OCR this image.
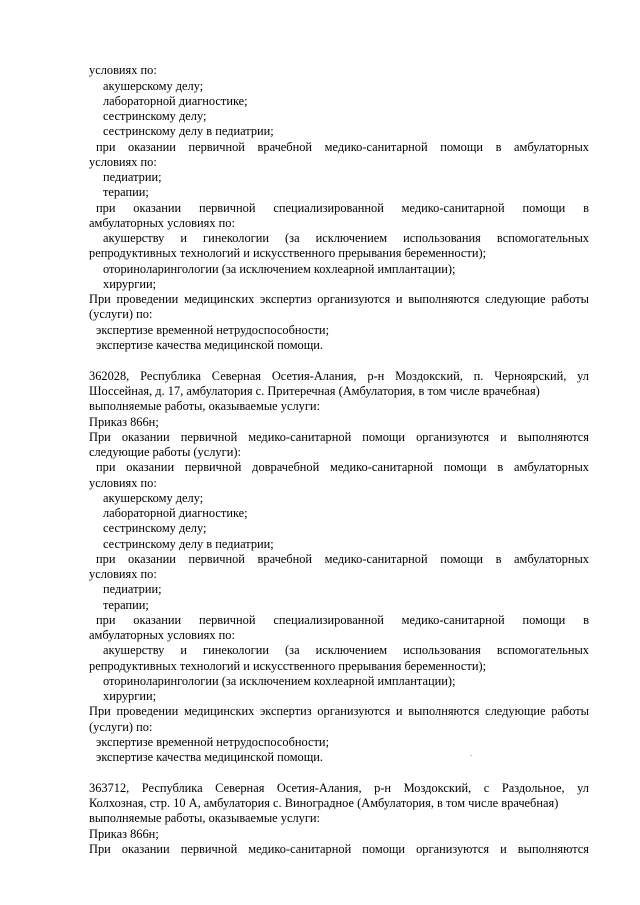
условиях по:
акушерскому делу;
лабораторной диагностике;
сестринскому делу;
сестринскому делу в педиатрии;
при оказании первичной врачебной медико-санитарной помощи в амбулаторных
условиях по:
педиатрии;
терапии;
при оказании первичной специализированной медико-санитарной помощи в
амбулаторных условиях по:
акушерству и гинекологии (за исключением использования вспомогательных
репродуктивных технологий и искусственного прерывания беременности);
оториноларингологии (за исключением кохлеарной имплантации);
хирургии;
При проведении медицинских экспертиз организуются и выполняются следующие работы
(услуги) по:
экспертизе временной нетрудоспособности;
экспертизе качества медицинской помощи.
362028, Республика Северная Осетия-Алания, р-н Моздокский, п. Черноярский, ул
Шоссейная, д. 17, амбулатория с. Притеречная (Амбулатория, в том числе врачебная)
выполняемые работы, оказываемые услуги:
Приказ 866н;
При оказании первичной медико-санитарной помощи организуются и выполняются
следующие работы (услуги):
при оказании первичной доврачебной медико-санитарной помощи в амбулаторных
условиях по:
акушерскому делу;
лабораторной диагностике;
сестринскому делу;
сестринскому делу в педиатрии;
при оказании первичной врачебной медико-санитарной помощи в амбулаторных
условиях по:
педиатрии;
терапии;
при оказании первичной специализированной медико-санитарной помощи в
амбулаторных условиях по:
акушерству и гинекологии (за исключением использования вспомогательных
репродуктивных технологий и искусственного прерывания беременности);
оториноларингологии (за исключением кохлеарной имплантации);
хирургии;
При проведении медицинских экспертиз организуются и выполняются следующие работы
(услуги) по:
экспертизе временной нетрудоспособности;
экспертизе качества медицинской помощи.
363712, Республика Северная Осетия-Алания, р-н Моздокский, с Раздольное, ул
Колхозная, стр. 10 А, амбулатория с. Виноградное (Амбулатория, в том числе врачебная)
выполняемые работы, оказываемые услуги:
Приказ 866н;
При оказании первичной медико-санитарной помощи организуются и выполняются
